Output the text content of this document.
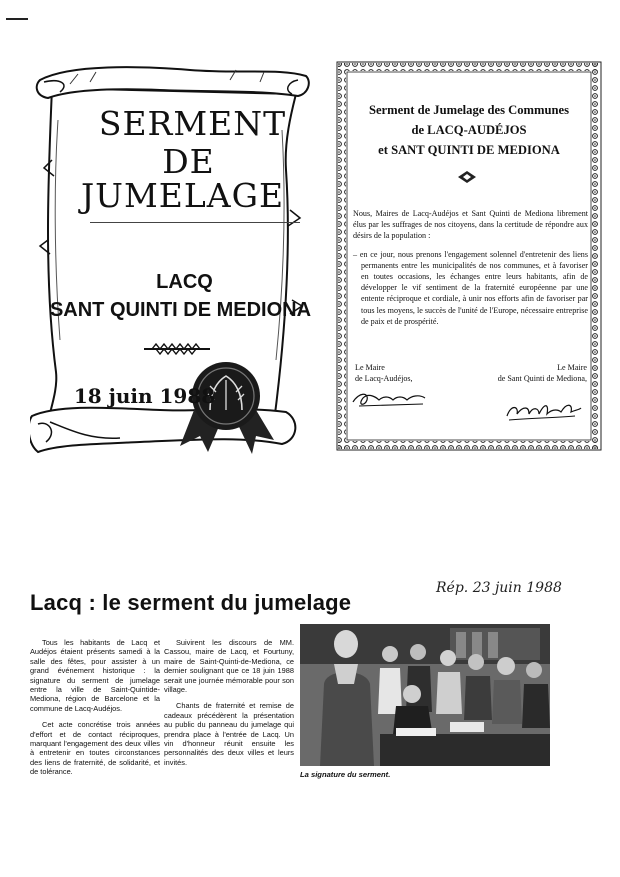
SERMENT
DE
JUMELAGE
LACQ
SANT QUINTI DE MEDIONA
18 juin 1988
Serment de Jumelage des Communes
de LACQ-AUDÉJOS
et SANT QUINTI DE MEDIONA

Nous, Maires de Lacq-Audéjos et Sant Quinti de Mediona librement élus par les suffrages de nos citoyens, dans la certitude de répondre aux désirs de la population :

– en ce jour, nous prenons l'engagement solennel d'entretenir des liens permanents entre les municipalités de nos communes, et à favoriser en toutes occasions, les échanges entre leurs habitants, afin de développer le vif sentiment de la fraternité européenne par une entente réciproque et cordiale, à unir nos efforts afin de favoriser par tous les moyens, le succès de l'unité de l'Europe, nécessaire entreprise de paix et de prospérité.

Le Maire
de Lacq-Audéjos,
Le Maire
de Sant Quinti de Mediona,
Rép. 23 juin 1988
Lacq : le serment du jumelage

Tous les habitants de Lacq et Audéjos étaient présents samedi à la salle des fêtes, pour assister à un grand événement historique : la signature du serment de jumelage entre la ville de Saint-Quintide-Mediona, région de Barcelone et la commune de Lacq-Audéjos.

Cet acte concrétise trois années d'effort et de contact réciproques, marquant l'engagement des deux villes à entretenir en toutes circonstances des liens de fraternité, de solidarité, et de tolérance.

Suivirent les discours de MM. Cassou, maire de Lacq, et Fourtuny, maire de Saint-Quinti-de-Mediona, ce dernier soulignant que ce 18 juin 1988 serait une journée mémorable pour son village.

Chants de fraternité et remise de cadeaux précédèrent la présentation au public du panneau du jumelage qui prendra place à l'entrée de Lacq. Un vin d'honneur réunit ensuite les personnalités des deux villes et leurs invités.

La signature du serment.
